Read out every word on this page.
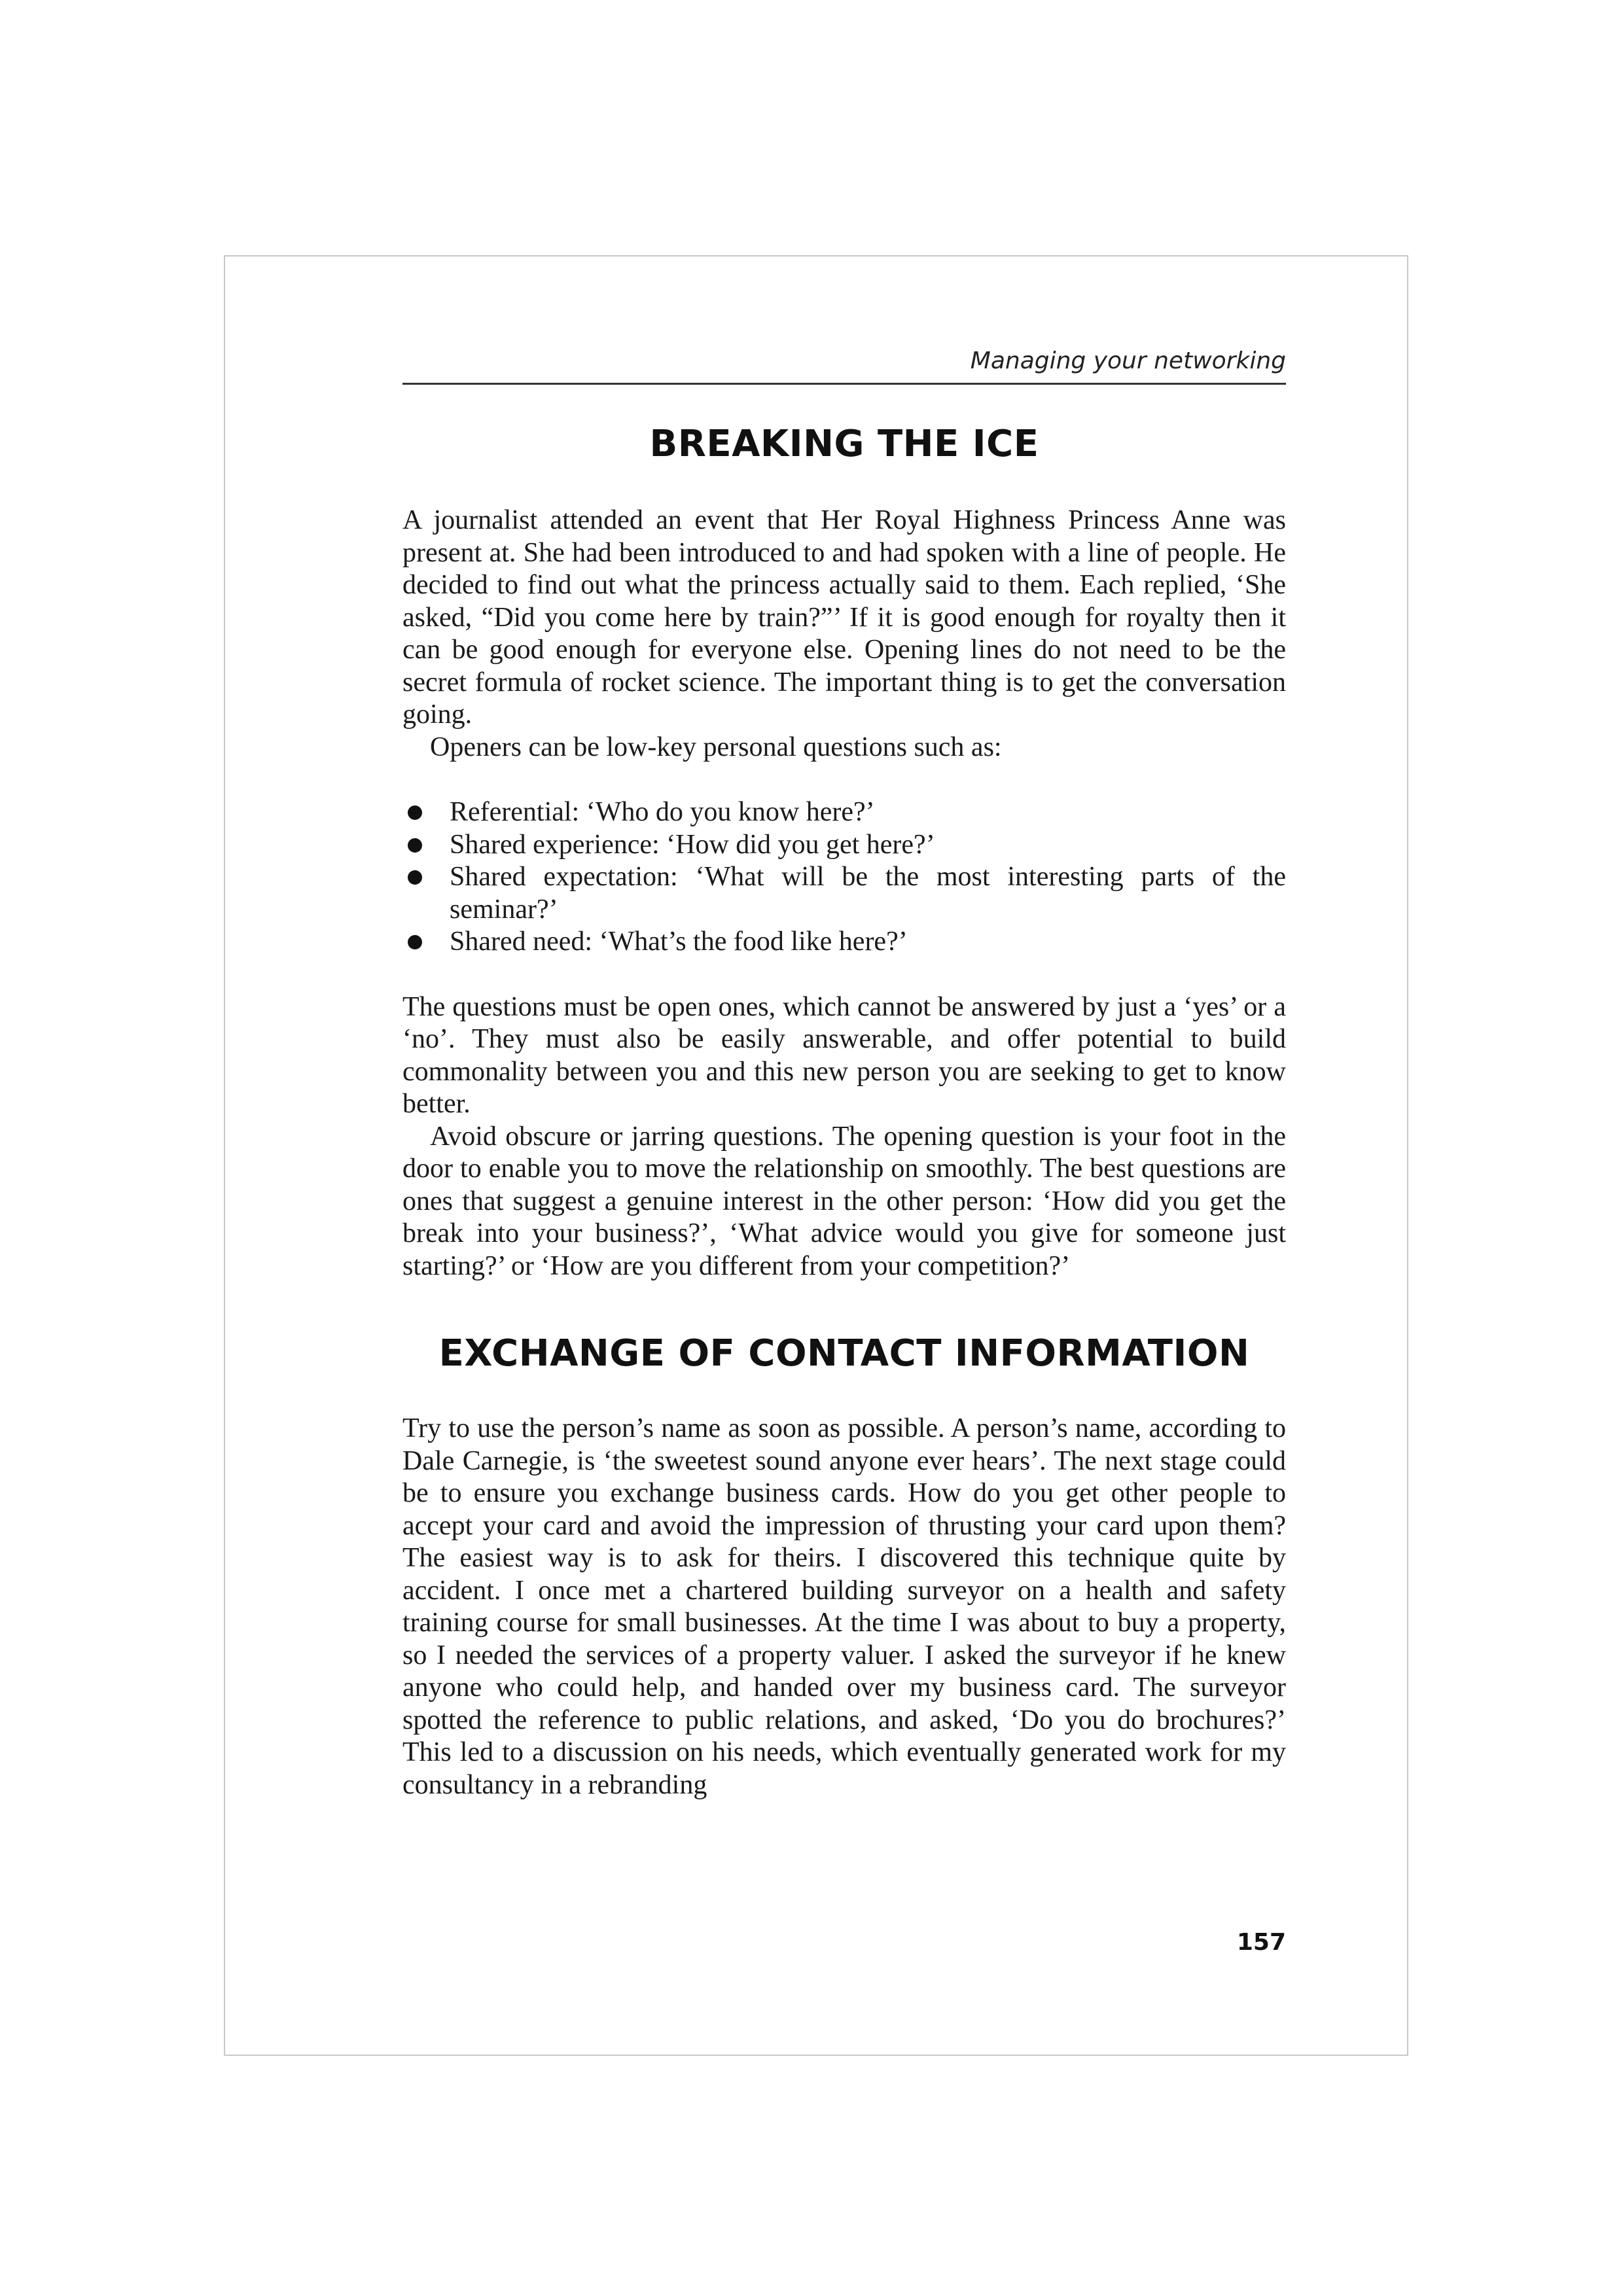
Managing your networking
BREAKING THE ICE

A journalist attended an event that Her Royal Highness Princess Anne was present at. She had been introduced to and had spoken with a line of people. He decided to find out what the princess actually said to them. Each replied, ‘She asked, “Did you come here by train?”’ If it is good enough for royalty then it can be good enough for everyone else. Opening lines do not need to be the secret formula of rocket science. The important thing is to get the conversation going.

Openers can be low-key personal questions such as:

Referential: ‘Who do you know here?’
Shared experience: ‘How did you get here?’
Shared expectation: ‘What will be the most interesting parts of the seminar?’
Shared need: ‘What’s the food like here?’

The questions must be open ones, which cannot be answered by just a ‘yes’ or a ‘no’. They must also be easily answerable, and offer potential to build commonality between you and this new person you are seeking to get to know better.

Avoid obscure or jarring questions. The opening question is your foot in the door to enable you to move the relationship on smoothly. The best questions are ones that suggest a genuine interest in the other person: ‘How did you get the break into your business?’, ‘What advice would you give for someone just starting?’ or ‘How are you different from your competition?’

EXCHANGE OF CONTACT INFORMATION

Try to use the person’s name as soon as possible. A person’s name, according to Dale Carnegie, is ‘the sweetest sound anyone ever hears’. The next stage could be to ensure you exchange business cards. How do you get other people to accept your card and avoid the impression of thrusting your card upon them? The easiest way is to ask for theirs. I discovered this technique quite by accident. I once met a chartered building surveyor on a health and safety training course for small businesses. At the time I was about to buy a property, so I needed the services of a property valuer. I asked the surveyor if he knew anyone who could help, and handed over my business card. The surveyor spotted the reference to public relations, and asked, ‘Do you do brochures?’ This led to a discussion on his needs, which eventually generated work for my consultancy in a rebranding

157
